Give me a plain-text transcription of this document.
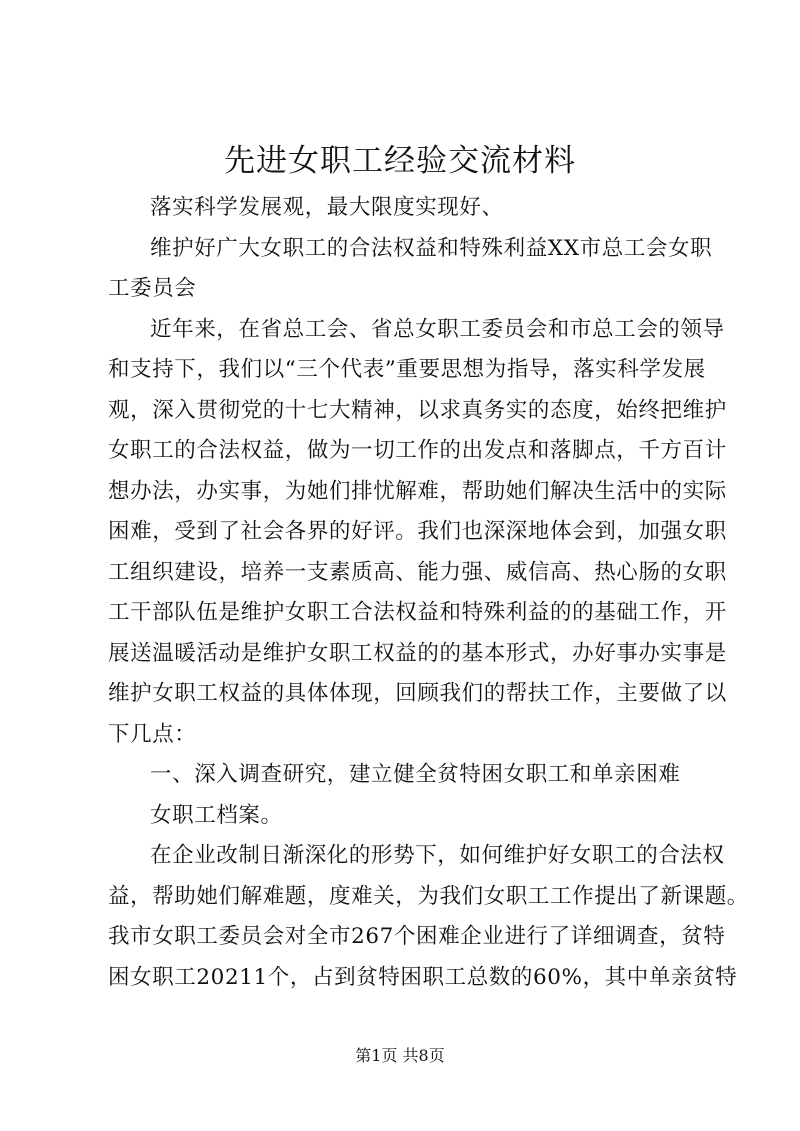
先进女职工经验交流材料
落实科学发展观，最大限度实现好、
维护好广大女职工的合法权益和特殊利益XX市总工会女职
工委员会
近年来，在省总工会、省总女职工委员会和市总工会的领导
和支持下，我们以“三个代表”重要思想为指导，落实科学发展
观，深入贯彻党的十七大精神，以求真务实的态度，始终把维护
女职工的合法权益，做为一切工作的出发点和落脚点，千方百计
想办法，办实事，为她们排忧解难，帮助她们解决生活中的实际
困难，受到了社会各界的好评。我们也深深地体会到，加强女职
工组织建设，培养一支素质高、能力强、威信高、热心肠的女职
工干部队伍是维护女职工合法权益和特殊利益的的基础工作，开
展送温暖活动是维护女职工权益的的基本形式，办好事办实事是
维护女职工权益的具体体现，回顾我们的帮扶工作，主要做了以
下几点：
一、深入调查研究，建立健全贫特困女职工和单亲困难
女职工档案。
在企业改制日渐深化的形势下，如何维护好女职工的合法权
益，帮助她们解难题，度难关，为我们女职工工作提出了新课题。
我市女职工委员会对全市267个困难企业进行了详细调查，贫特
困女职工20211个，占到贫特困职工总数的60%，其中单亲贫特
第1页 共8页
